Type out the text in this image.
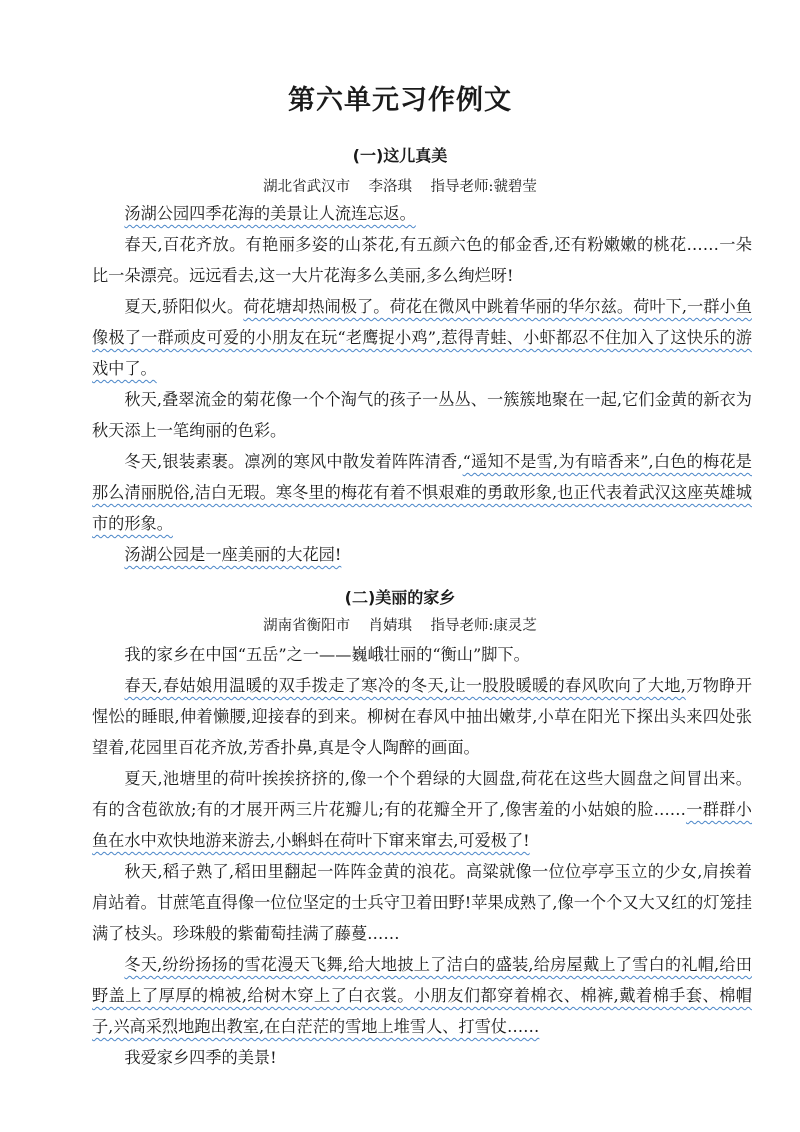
第六单元习作例文
(一)这儿真美
湖北省武汉市    李洛琪    指导老师:虢碧莹

汤湖公园四季花海的美景让人流连忘返。

春天,百花齐放。有艳丽多姿的山茶花,有五颜六色的郁金香,还有粉嫩嫩的桃花……一朵比一朵漂亮。远远看去,这一大片花海多么美丽,多么绚烂呀!

夏天,骄阳似火。荷花塘却热闹极了。荷花在微风中跳着华丽的华尔兹。荷叶下,一群小鱼像极了一群顽皮可爱的小朋友在玩“老鹰捉小鸡”,惹得青蛙、小虾都忍不住加入了这快乐的游戏中了。

秋天,叠翠流金的菊花像一个个淘气的孩子一丛丛、一簇簇地聚在一起,它们金黄的新衣为秋天添上一笔绚丽的色彩。

冬天,银装素裹。凛冽的寒风中散发着阵阵清香,“遥知不是雪,为有暗香来”,白色的梅花是那么清丽脱俗,洁白无瑕。寒冬里的梅花有着不惧艰难的勇敢形象,也正代表着武汉这座英雄城市的形象。

汤湖公园是一座美丽的大花园!

(二)美丽的家乡
湖南省衡阳市    肖婧琪    指导老师:康灵芝

我的家乡在中国“五岳”之一——巍峨壮丽的“衡山”脚下。

春天,春姑娘用温暖的双手拨走了寒冷的冬天,让一股股暖暖的春风吹向了大地,万物睁开惺忪的睡眼,伸着懒腰,迎接春的到来。柳树在春风中抽出嫩芽,小草在阳光下探出头来四处张望着,花园里百花齐放,芳香扑鼻,真是令人陶醉的画面。

夏天,池塘里的荷叶挨挨挤挤的,像一个个碧绿的大圆盘,荷花在这些大圆盘之间冒出来。有的含苞欲放;有的才展开两三片花瓣儿;有的花瓣全开了,像害羞的小姑娘的脸……一群群小鱼在水中欢快地游来游去,小蝌蚪在荷叶下窜来窜去,可爱极了!

秋天,稻子熟了,稻田里翻起一阵阵金黄的浪花。高粱就像一位位亭亭玉立的少女,肩挨着肩站着。甘蔗笔直得像一位位坚定的士兵守卫着田野!苹果成熟了,像一个个又大又红的灯笼挂满了枝头。珍珠般的紫葡萄挂满了藤蔓……

冬天,纷纷扬扬的雪花漫天飞舞,给大地披上了洁白的盛装,给房屋戴上了雪白的礼帽,给田野盖上了厚厚的棉被,给树木穿上了白衣裳。小朋友们都穿着棉衣、棉裤,戴着棉手套、棉帽子,兴高采烈地跑出教室,在白茫茫的雪地上堆雪人、打雪仗……

我爱家乡四季的美景!
